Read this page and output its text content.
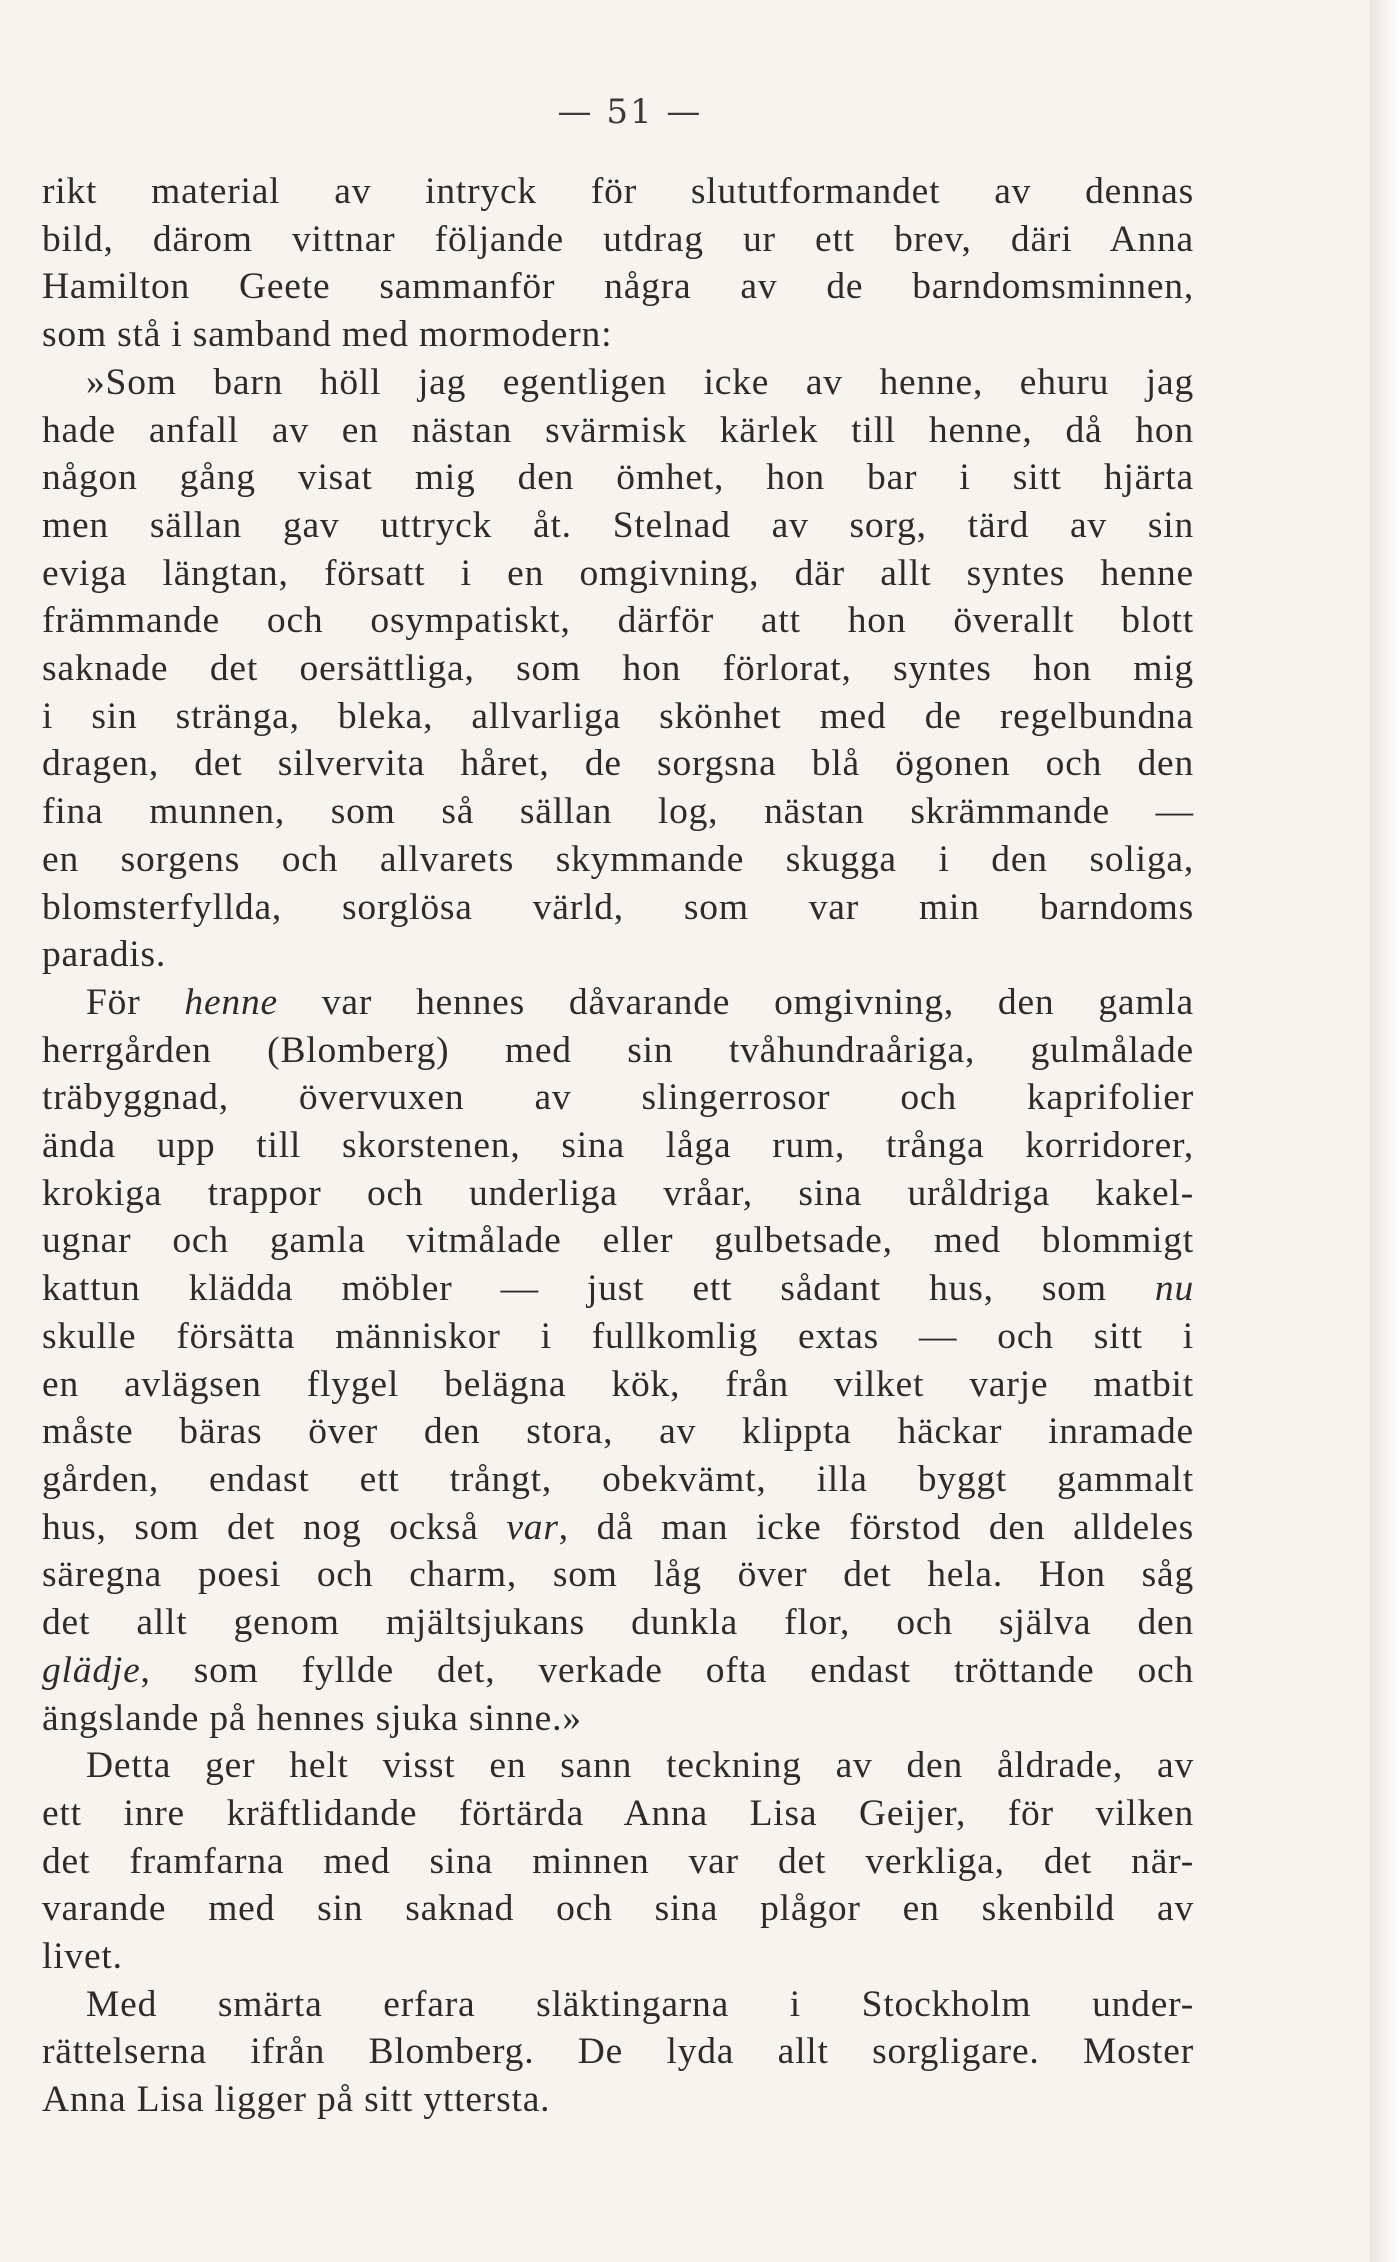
— 51 —
rikt material av intryck för slututformandet av dennas
bild, därom vittnar följande utdrag ur ett brev, däri Anna
Hamilton Geete sammanför några av de barndomsminnen,
som stå i samband med mormodern:
»Som barn höll jag egentligen icke av henne, ehuru jag
hade anfall av en nästan svärmisk kärlek till henne, då hon
någon gång visat mig den ömhet, hon bar i sitt hjärta
men sällan gav uttryck åt. Stelnad av sorg, tärd av sin
eviga längtan, försatt i en omgivning, där allt syntes henne
främmande och osympatiskt, därför att hon överallt blott
saknade det oersättliga, som hon förlorat, syntes hon mig
i sin stränga, bleka, allvarliga skönhet med de regelbundna
dragen, det silvervita håret, de sorgsna blå ögonen och den
fina munnen, som så sällan log, nästan skrämmande —
en sorgens och allvarets skymmande skugga i den soliga,
blomsterfyllda, sorglösa värld, som var min barndoms
paradis.
För henne var hennes dåvarande omgivning, den gamla
herrgården (Blomberg) med sin tvåhundraåriga, gulmålade
träbyggnad, övervuxen av slingerrosor och kaprifolier
ända upp till skorstenen, sina låga rum, trånga korridorer,
krokiga trappor och underliga vråar, sina uråldriga kakel-
ugnar och gamla vitmålade eller gulbetsade, med blommigt
kattun klädda möbler — just ett sådant hus, som nu
skulle försätta människor i fullkomlig extas — och sitt i
en avlägsen flygel belägna kök, från vilket varje matbit
måste bäras över den stora, av klippta häckar inramade
gården, endast ett trångt, obekvämt, illa byggt gammalt
hus, som det nog också var, då man icke förstod den alldeles
säregna poesi och charm, som låg över det hela. Hon såg
det allt genom mjältsjukans dunkla flor, och själva den
glädje, som fyllde det, verkade ofta endast tröttande och
ängslande på hennes sjuka sinne.»
Detta ger helt visst en sann teckning av den åldrade, av
ett inre kräftlidande förtärda Anna Lisa Geijer, för vilken
det framfarna med sina minnen var det verkliga, det när-
varande med sin saknad och sina plågor en skenbild av
livet.
Med smärta erfara släktingarna i Stockholm under-
rättelserna ifrån Blomberg. De lyda allt sorgligare. Moster
Anna Lisa ligger på sitt yttersta.
